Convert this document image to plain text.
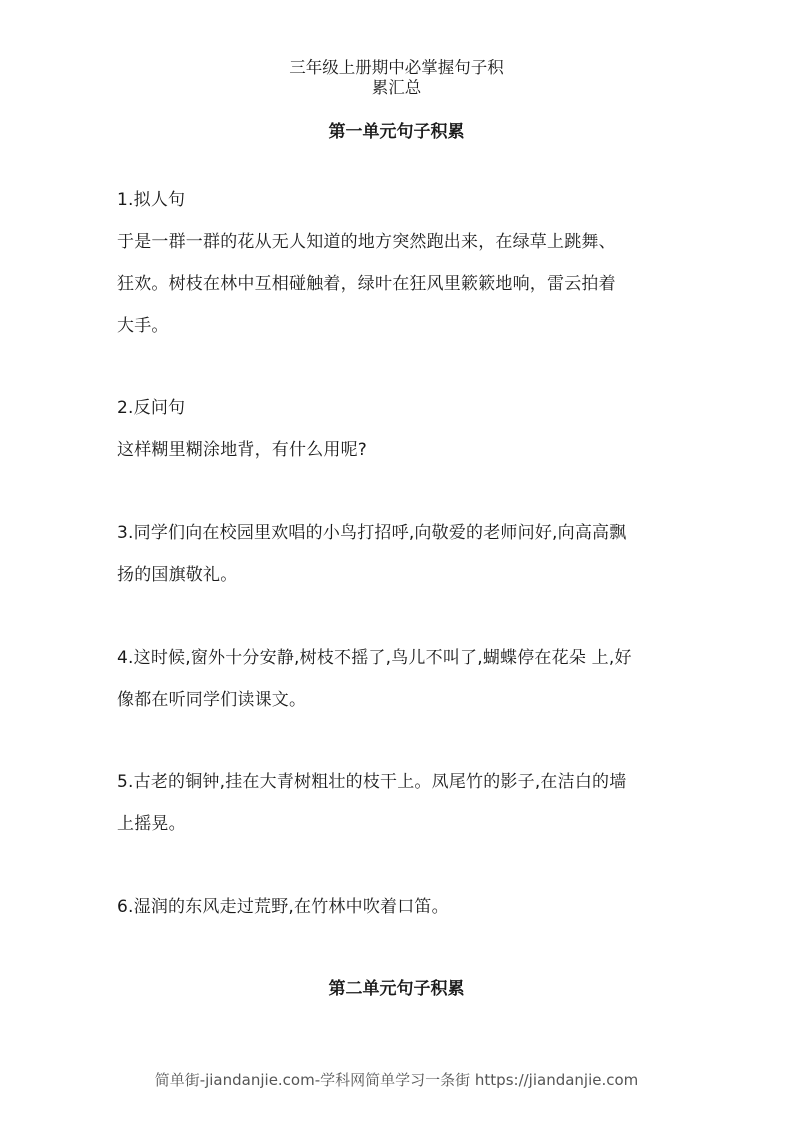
三年级上册期中必掌握句子积
累汇总
第一单元句子积累
1.拟人句
于是一群一群的花从无人知道的地方突然跑出来，在绿草上跳舞、
狂欢。树枝在林中互相碰触着，绿叶在狂风里簌簌地响，雷云拍着
大手。
2.反问句
这样糊里糊涂地背，有什么用呢?
3.同学们向在校园里欢唱的小鸟打招呼,向敬爱的老师问好,向高高飘
扬的国旗敬礼。
4.这时候,窗外十分安静,树枝不摇了,鸟儿不叫了,蝴蝶停在花朵 上,好
像都在听同学们读课文。
5.古老的铜钟,挂在大青树粗壮的枝干上。凤尾竹的影子,在洁白的墙
上摇晃。
6.湿润的东风走过荒野,在竹林中吹着口笛。
第二单元句子积累
简单街-jiandanjie.com-学科网简单学习一条街 https://jiandanjie.com
